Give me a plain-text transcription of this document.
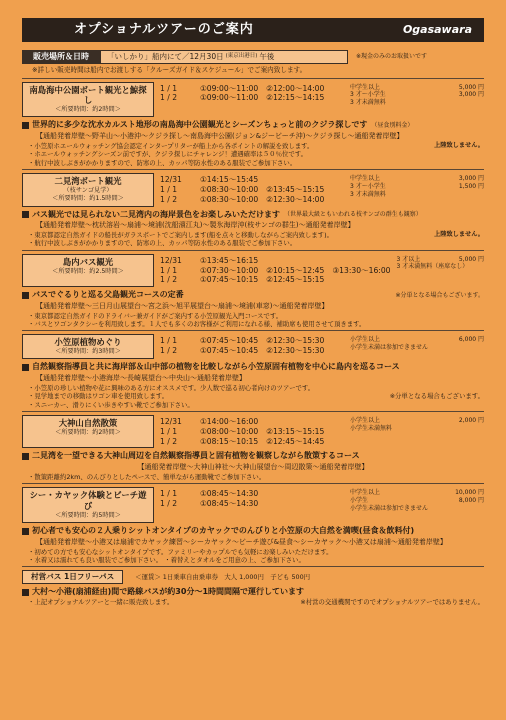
オプショナルツアーのご案内	Ogasawara
販売場所＆日時	「いしかり」船内にて／12月30日 (東京出港日) 午後	※現金のみのお取扱いです
※詳しい販売時間は船内でお渡しする「クルーズガイド＆スケジュール」でご案内致します。
南島海中公園ボート観光と鯨探し
＜所要時間：約2時間＞
1 / 1	①09:00〜11:00 ②12:00〜14:00
1 / 2	①09:00〜11:00 ②12:15〜14:15
中学生以上	5,000 円
3 才〜小学生	3,000 円
3 才未満無料
世界的に多少な沈水カルスト地形の南島海中公園観光とシーズンちょっと前のクジラ探しです （昼食別料金）
【通船発着岸壁〜野羊山〜小港沖〜クジラ探し〜南島海中公園(ジョン&ジービーチ沖)〜クジラ探し〜通船発着岸壁】
・小笠原ホエールウォッチング協会認定インタープリターが船上から各ポイントの解説を致します。	上陸致しません。
・ホエールウォッチングシーズン前ですが、クジラ探しにチャレンジ！遭遇確率は５０％位です。
・航行中波しぶきがかかりますので、防寒の上、カッパ等防水性のある服装でご参加下さい。
二見湾ボート観光
（枝サンゴ見学）
＜所要時間：約1.5時間＞
12/31	①14:15〜15:45
1 / 1	①08:30〜10:00 ②13:45〜15:15
1 / 2	①08:30〜10:00 ②12:30〜14:00
中学生以上	3,000 円
3 才〜小学生	1,500 円
3 才未満無料
バス観光では見られない二見湾内の海岸景色をお楽しみいただけます （世界最大級ともいわれる枝サンゴの群生も観察）
【通船発着岸壁〜枕状溶岩〜扇浦〜境浦(沈船濱江丸)〜製氷海岸沖(枝サンゴの群生)〜通船発着岸壁】
・東京都認定自然ガイドの船長がガラスボートでご案内します(船を点々と移動しながらご案内致します)。	上陸致しません。
・航行中波しぶきがかかりますので、防寒の上、カッパ等防水性のある服装でご参加下さい。
島内バス観光
＜所要時間：約2.5時間＞
12/31	①13:45〜16:15
1 / 1	①07:30〜10:00 ②10:15〜12:45 ③13:30〜16:00
1 / 2	①07:45〜10:15 ②12:45〜15:15
3 才以上	5,000 円
3 才未満無料（座席なし）
バスでぐるりと巡る父島観光コースの定番	※分単となる場合もございます。
【通船発着岸壁〜三日月山展望台〜宮之浜〜旭平展望台〜扇浦〜境浦(車窓)〜通船発着岸壁】
・東京都認定自然ガイドのドライバー兼ガイドがご案内する小笠原観光入門コースです。
・バスとワゴンタクシーを利用致します。１人でも多くのお客様がご利用になれる様、補助席も使用させて頂きます。
小笠原植物めぐり
＜所要時間：約3時間＞
1 / 1	①07:45〜10:45 ②12:30〜15:30
1 / 2	①07:45〜10:45 ②12:30〜15:30
小学生以上	6,000 円
小学生未満は参加できません
自然観察指導員と共に海岸部＆山中部の植物を比較しながら小笠原固有植物を中心に島内を巡るコース
【通船発着岸壁〜小港海岸〜長崎展望台〜中央山〜通船発着岸壁】
・小笠原の珍しい植物や花に興味のある方にオススメです。少人数で巡る初心者向けのツアーです。
・見学地までの移動はワゴン車を使用致します。	※分単となる場合もございます。
・スニーカー、滑りにくい歩きやすい靴でご参加下さい。
大神山自然散策
＜所要時間：約2時間＞
12/31	①14:00〜16:00
1 / 1	①08:00〜10:00 ②13:15〜15:15
1 / 2	①08:15〜10:15 ②12:45〜14:45
小学生以上	2,000 円
小学生未満無料
二見湾を一望できる大神山周辺を自然観察指導員と固有植物を観察しながら散策するコース
【通船発着岸壁〜大神山神社〜大神山展望台〜周辺散策〜通船発着岸壁】
・散策距離約2km、のんびりとしたペースで、簡単ながら運動靴でご参加下さい。
シー・カヤック体験とビーチ遊び
＜所要時間：約5時間＞
1 / 1	①08:45〜14:30
1 / 2	①08:45〜14:30
中学生以上	10,000 円
小学生	8,000 円
小学生未満は参加できません
初心者でも安心の２人乗りシットオンタイプのカヤックでのんびりと小笠原の大自然を満喫(昼食＆飲料付)
【通船発着岸壁〜小港又は扇浦でカヤック練習〜シーカヤック〜ビーチ遊び&昼食〜シーカヤック〜小港又は扇浦〜通船発着岸壁】
・初めての方でも安心なシットオンタイプです。ファミリーやカップルでも気軽にお楽しみいただけます。
・水着又は濡れても良い服装でご参加下さい。 ・着替えとタオルをご用意の上、ご参加下さい。
村営バス 1日フリーパス	＜運賃＞ 1日乗車自由乗車券　大人 1,000円　子ども 500円
大村〜小港(扇浦経由)間で路線バスが約30分〜1時間間隔で運行しています
・上記オプショナルツアーと一緒に販売致します。	※村営の交通機関ですのでオプショナルツアーではありません。
